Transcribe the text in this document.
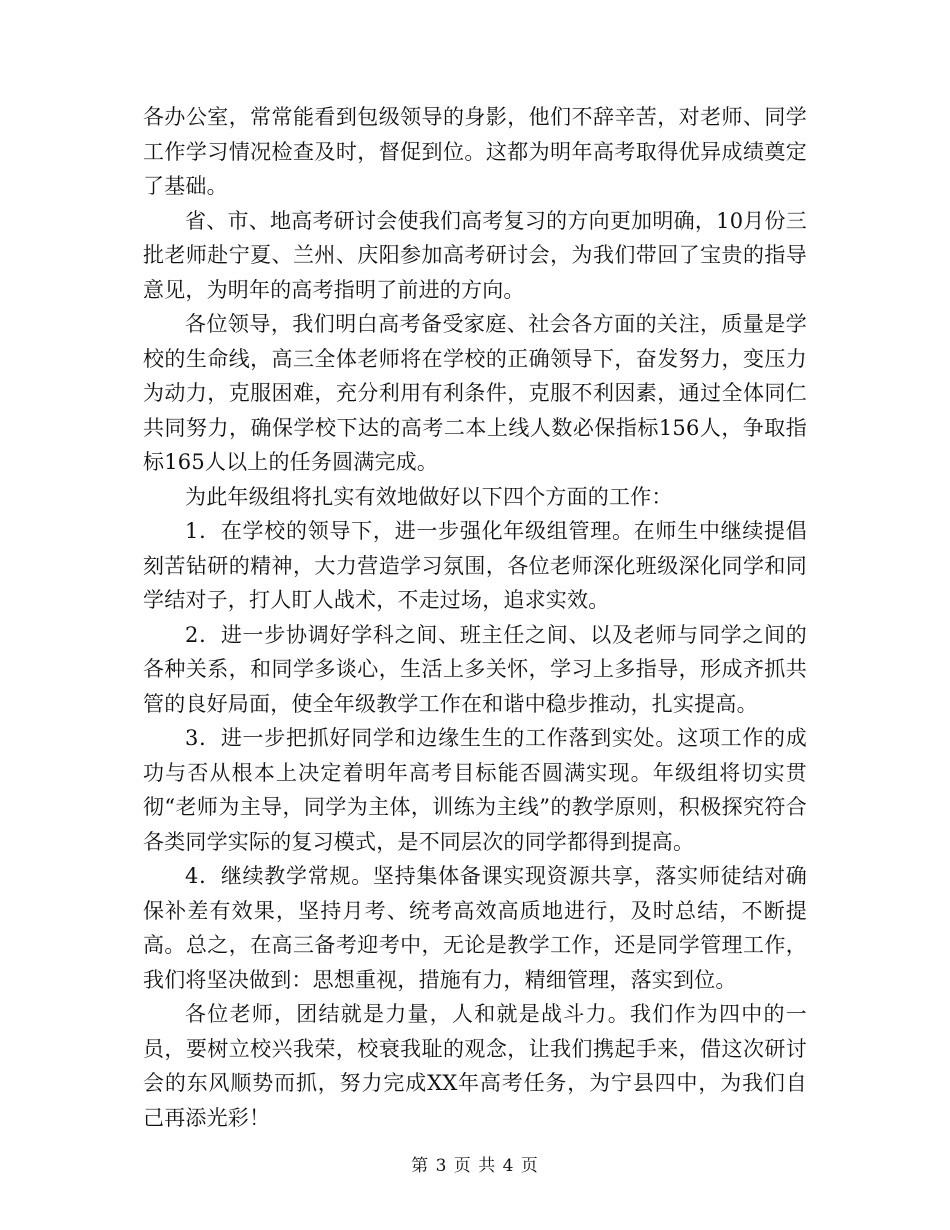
各办公室，常常能看到包级领导的身影，他们不辞辛苦，对老师、同学工作学习情况检查及时，督促到位。这都为明年高考取得优异成绩奠定了基础。

省、市、地高考研讨会使我们高考复习的方向更加明确，10月份三批老师赴宁夏、兰州、庆阳参加高考研讨会，为我们带回了宝贵的指导意见，为明年的高考指明了前进的方向。

各位领导，我们明白高考备受家庭、社会各方面的关注，质量是学校的生命线，高三全体老师将在学校的正确领导下，奋发努力，变压力为动力，克服困难，充分利用有利条件，克服不利因素，通过全体同仁共同努力，确保学校下达的高考二本上线人数必保指标156人，争取指标165人以上的任务圆满完成。

为此年级组将扎实有效地做好以下四个方面的工作：

1．在学校的领导下，进一步强化年级组管理。在师生中继续提倡刻苦钻研的精神，大力营造学习氛围，各位老师深化班级深化同学和同学结对子，打人盯人战术，不走过场，追求实效。

2．进一步协调好学科之间、班主任之间、以及老师与同学之间的各种关系，和同学多谈心，生活上多关怀，学习上多指导，形成齐抓共管的良好局面，使全年级教学工作在和谐中稳步推动，扎实提高。

3．进一步把抓好同学和边缘生生的工作落到实处。这项工作的成功与否从根本上决定着明年高考目标能否圆满实现。年级组将切实贯彻“老师为主导，同学为主体，训练为主线”的教学原则，积极探究符合各类同学实际的复习模式，是不同层次的同学都得到提高。

4．继续教学常规。坚持集体备课实现资源共享，落实师徒结对确保补差有效果，坚持月考、统考高效高质地进行，及时总结，不断提高。总之，在高三备考迎考中，无论是教学工作，还是同学管理工作，我们将坚决做到：思想重视，措施有力，精细管理，落实到位。

各位老师，团结就是力量，人和就是战斗力。我们作为四中的一员，要树立校兴我荣，校衰我耻的观念，让我们携起手来，借这次研讨会的东风顺势而抓，努力完成XX年高考任务，为宁县四中，为我们自己再添光彩！

第 3 页 共 4 页
